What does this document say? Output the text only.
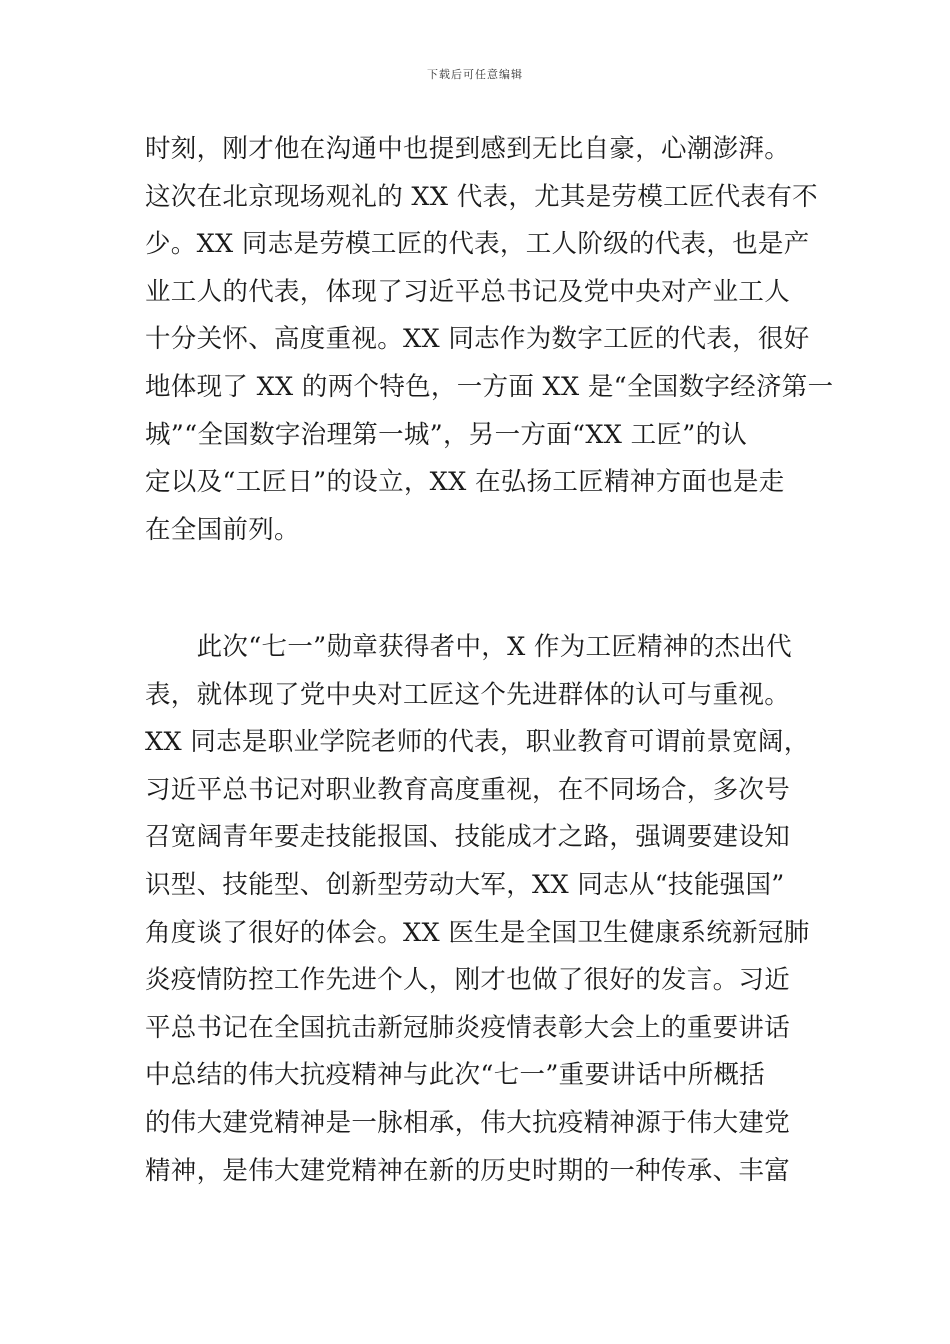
下载后可任意编辑
时刻，刚才他在沟通中也提到感到无比自豪，心潮澎湃。
这次在北京现场观礼的 XX 代表，尤其是劳模工匠代表有不
少。XX 同志是劳模工匠的代表，工人阶级的代表，也是产
业工人的代表，体现了习近平总书记及党中央对产业工人
十分关怀、高度重视。XX 同志作为数字工匠的代表，很好
地体现了 XX 的两个特色，一方面 XX 是“全国数字经济第一
城”“全国数字治理第一城”，另一方面“XX 工匠”的认
定以及“工匠日”的设立，XX 在弘扬工匠精神方面也是走
在全国前列。
　　此次“七一”勋章获得者中，X 作为工匠精神的杰出代
表，就体现了党中央对工匠这个先进群体的认可与重视。
XX 同志是职业学院老师的代表，职业教育可谓前景宽阔，
习近平总书记对职业教育高度重视，在不同场合，多次号
召宽阔青年要走技能报国、技能成才之路，强调要建设知
识型、技能型、创新型劳动大军，XX 同志从“技能强国”
角度谈了很好的体会。XX 医生是全国卫生健康系统新冠肺
炎疫情防控工作先进个人，刚才也做了很好的发言。习近
平总书记在全国抗击新冠肺炎疫情表彰大会上的重要讲话
中总结的伟大抗疫精神与此次“七一”重要讲话中所概括
的伟大建党精神是一脉相承，伟大抗疫精神源于伟大建党
精神，是伟大建党精神在新的历史时期的一种传承、丰富
